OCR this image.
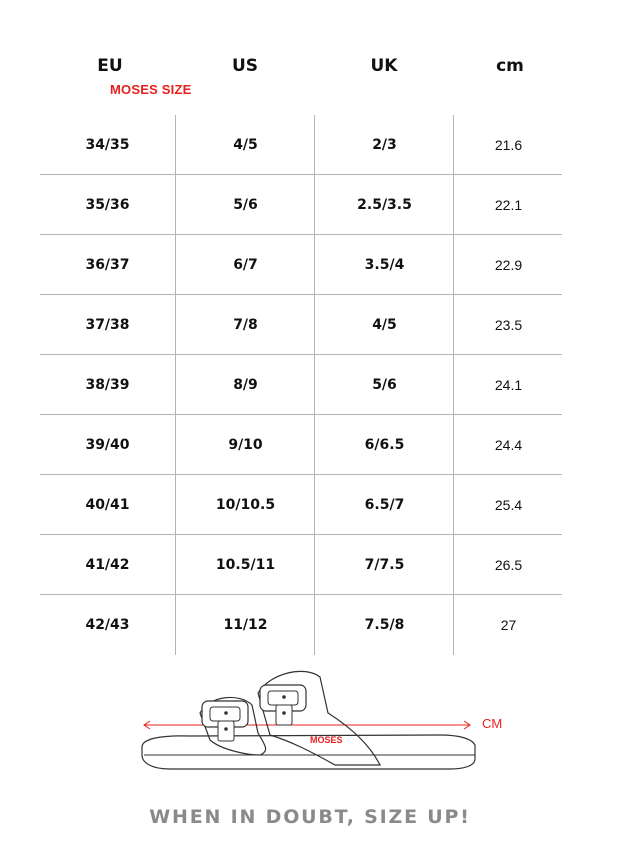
EU	US	UK	cm
MOSES SIZE
34/35	4/5	2/3	21.6
35/36	5/6	2.5/3.5	22.1
36/37	6/7	3.5/4	22.9
37/38	7/8	4/5	23.5
38/39	8/9	5/6	24.1
39/40	9/10	6/6.5	24.4
40/41	10/10.5	6.5/7	25.4
41/42	10.5/11	7/7.5	26.5
42/43	11/12	7.5/8	27
MOSES
CM
WHEN IN DOUBT, SIZE UP!
